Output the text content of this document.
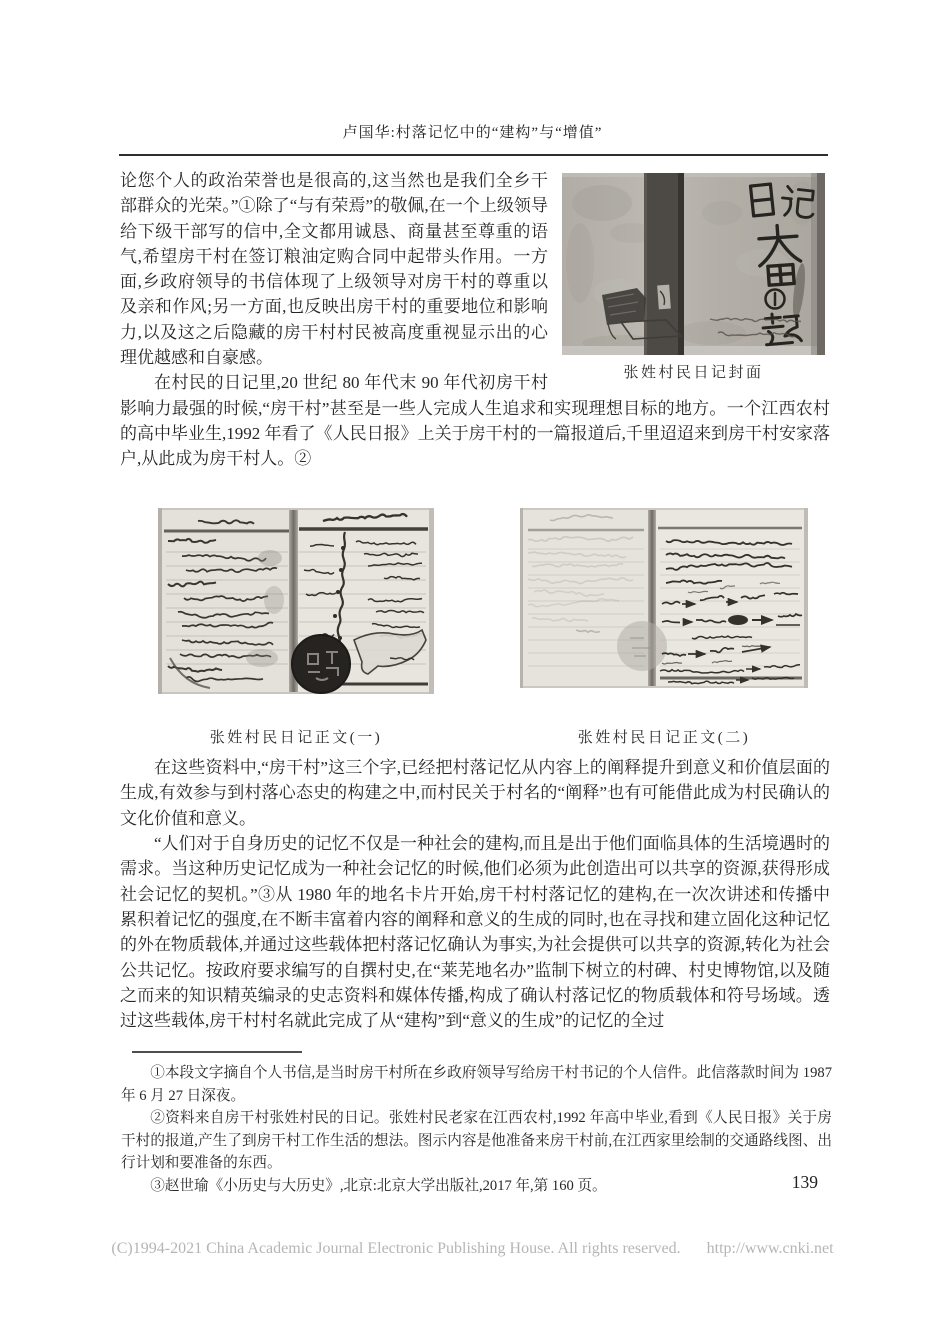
卢国华:村落记忆中的“建构”与“增值”
张姓村民日记封面

论您个人的政治荣誉也是很高的,这当然也是我们全乡干部群众的光荣。”①除了“与有荣焉”的敬佩,在一个上级领导给下级干部写的信中,全文都用诚恳、商量甚至尊重的语气,希望房干村在签订粮油定购合同中起带头作用。一方面,乡政府领导的书信体现了上级领导对房干村的尊重以及亲和作风;另一方面,也反映出房干村的重要地位和影响力,以及这之后隐藏的房干村村民被高度重视显示出的心理优越感和自豪感。

在村民的日记里,20 世纪 80 年代末 90 年代初房干村影响力最强的时候,“房干村”甚至是一些人完成人生追求和实现理想目标的地方。一个江西农村的高中毕业生,1992 年看了《人民日报》上关于房干村的一篇报道后,千里迢迢来到房干村安家落户,从此成为房干村人。②

张姓村民日记正文(一)	张姓村民日记正文(二)

在这些资料中,“房干村”这三个字,已经把村落记忆从内容上的阐释提升到意义和价值层面的生成,有效参与到村落心态史的构建之中,而村民关于村名的“阐释”也有可能借此成为村民确认的文化价值和意义。

“人们对于自身历史的记忆不仅是一种社会的建构,而且是出于他们面临具体的生活境遇时的需求。当这种历史记忆成为一种社会记忆的时候,他们必须为此创造出可以共享的资源,获得形成社会记忆的契机。”③从 1980 年的地名卡片开始,房干村村落记忆的建构,在一次次讲述和传播中累积着记忆的强度,在不断丰富着内容的阐释和意义的生成的同时,也在寻找和建立固化这种记忆的外在物质载体,并通过这些载体把村落记忆确认为事实,为社会提供可以共享的资源,转化为社会公共记忆。按政府要求编写的自撰村史,在“莱芜地名办”监制下树立的村碑、村史博物馆,以及随之而来的知识精英编录的史志资料和媒体传播,构成了确认村落记忆的物质载体和符号场域。透过这些载体,房干村村名就此完成了从“建构”到“意义的生成”的记忆的全过

①本段文字摘自个人书信,是当时房干村所在乡政府领导写给房干村书记的个人信件。此信落款时间为 1987 年 6 月 27 日深夜。

②资料来自房干村张姓村民的日记。张姓村民老家在江西农村,1992 年高中毕业,看到《人民日报》关于房干村的报道,产生了到房干村工作生活的想法。图示内容是他准备来房干村前,在江西家里绘制的交通路线图、出行计划和要准备的东西。

③赵世瑜《小历史与大历史》,北京:北京大学出版社,2017 年,第 160 页。	139
(C)1994-2021 China Academic Journal Electronic Publishing House. All rights reserved. http://www.cnki.net
